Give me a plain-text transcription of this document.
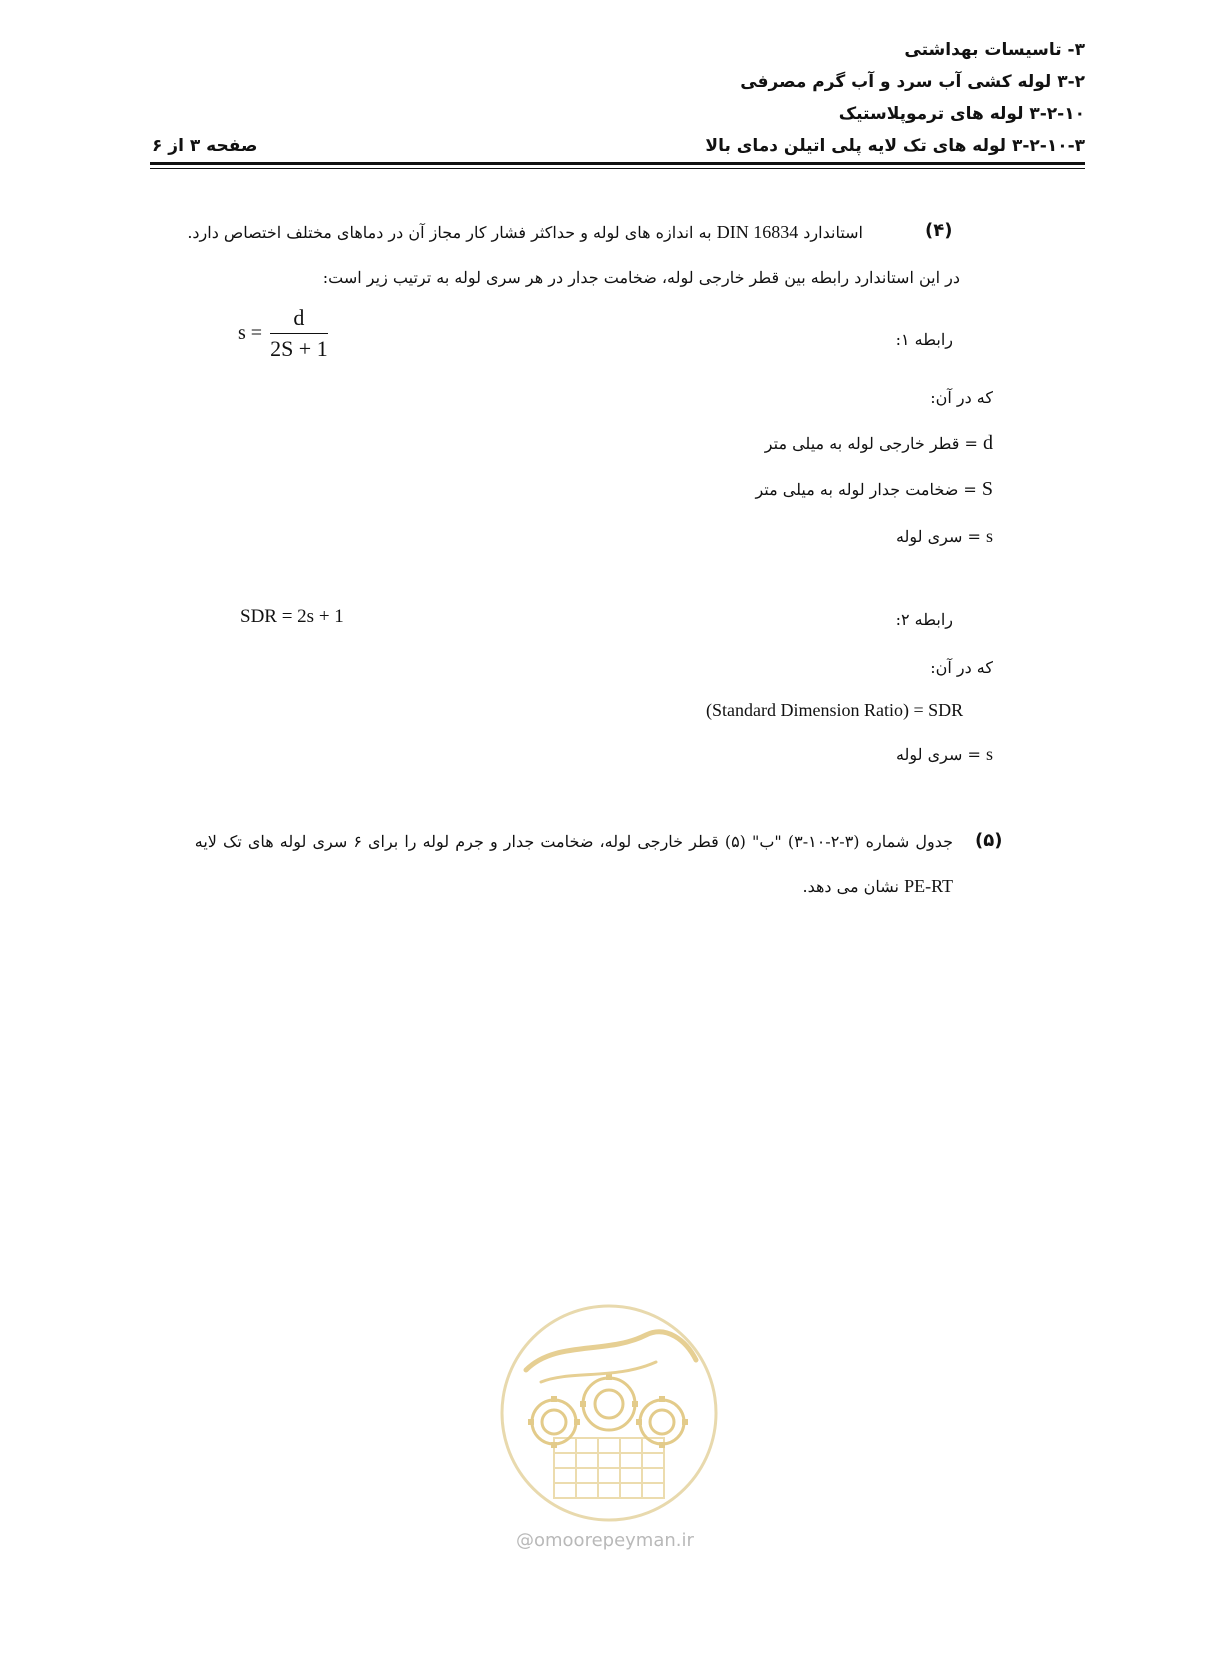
۳- تاسیسات بهداشتی
۳-۲ لوله کشی آب سرد و آب گرم مصرفی
۳-۲-۱۰ لوله های ترموپلاستیک
۳-۲-۱۰-۳ لوله های تک لایه پلی اتیلن دمای بالا
صفحه ۳ از ۶
(۴)
استاندارد DIN 16834 به اندازه های لوله و حداکثر فشار کار مجاز آن در دماهای مختلف اختصاص دارد.
در این استاندارد رابطه بین قطر خارجی لوله، ضخامت جدار در هر سری لوله به ترتیب زیر است:
$s = \frac{d}{2S + 1}$	رابطه ۱:
که در آن:
d = قطر خارجی لوله به میلی متر
S = ضخامت جدار لوله به میلی متر
s = سری لوله
SDR = 2s + 1	رابطه ۲:
که در آن:
(Standard Dimension Ratio) = SDR
s = سری لوله
(۵)
جدول شماره (۳-۲-۱۰-۳) "ب" (۵) قطر خارجی لوله، ضخامت جدار و جرم لوله را برای ۶ سری لوله های تک لایه
PE-RT نشان می دهد.
@omoorepeyman.ir
